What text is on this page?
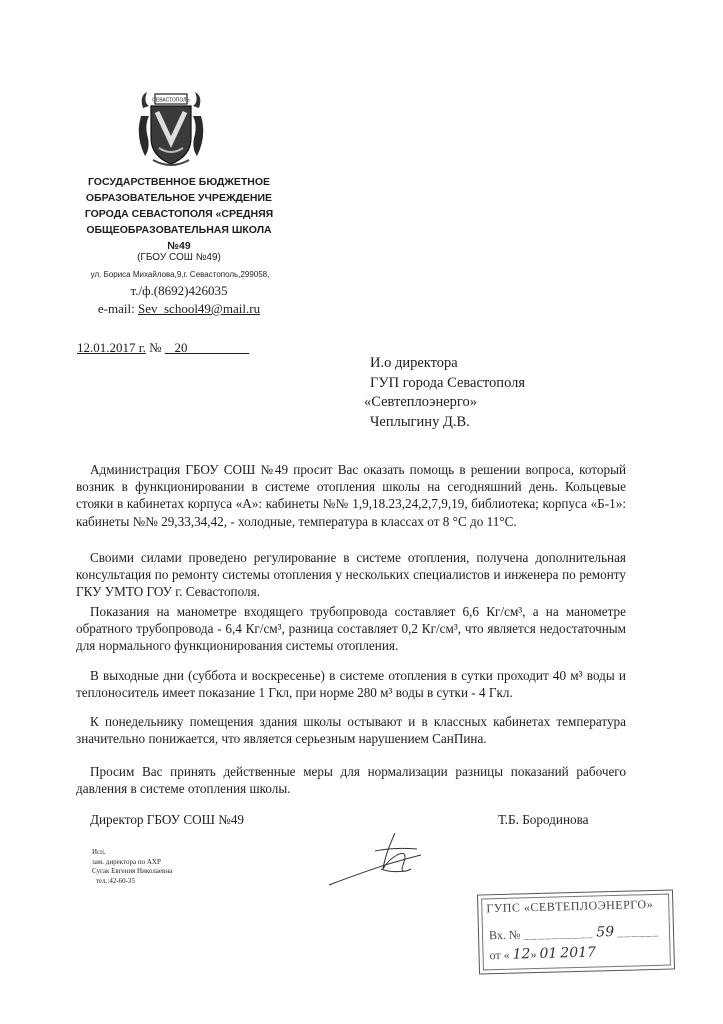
СЕВАСТОПОЛЬ
ГОСУДАРСТВЕННОЕ БЮДЖЕТНОЕ
ОБРАЗОВАТЕЛЬНОЕ УЧРЕЖДЕНИЕ
ГОРОДА СЕВАСТОПОЛЯ «СРЕДНЯЯ
ОБЩЕОБРАЗОВАТЕЛЬНАЯ ШКОЛА
№49
(ГБОУ СОШ №49)
ул. Бориса Михайлова,9,г. Севастополь,299058,
т./ф.(8692)426035
e-mail: Sev_school49@mail.ru
12.01.2017 г. № 20
И.о директора
ГУП города Севастополя
«Севтеплоэнерго»
Чеплыгину Д.В.
Администрация ГБОУ СОШ №49 просит Вас оказать помощь в решении вопроса, который возник в функционировании в системе отопления школы на сегодняшний день. Кольцевые стояки в кабинетах корпуса «А»: кабинеты №№ 1,9,18.23,24,2,7,9,19, библиотека; корпуса «Б-1»: кабинеты №№ 29,33,34,42, - холодные, температура в классах от 8 °С до 11°С.
Своими силами проведено регулирование в системе отопления, получена дополнительная консультация по ремонту системы отопления у нескольких специалистов и инженера по ремонту ГКУ УМТО ГОУ г. Севастополя.
Показания на манометре входящего трубопровода составляет 6,6 Кг/см³, а на манометре обратного трубопровода - 6,4 Кг/см³, разница составляет 0,2 Кг/см³, что является недостаточным для нормального функционирования системы отопления.
В выходные дни (суббота и воскресенье) в системе отопления в сутки проходит 40 м³ воды и теплоноситель имеет показание 1 Гкл, при норме 280 м³ воды в сутки - 4 Гкл.
К понедельнику помещения здания школы остывают и в классных кабинетах температура значительно понижается, что является серьезным нарушением СанПина.
Просим Вас принять действенные меры для нормализации разницы показаний рабочего давления в системе отопления школы.
Директор ГБОУ СОШ №49	Т.Б. Бородинова
Исп.
зам. директора по АХР
Сугак Евгения Николаевна
тел.:42-60-35
ГУПС «СЕВТЕПЛОЭНЕРГО»
Вх. № __________ 59 ______
от « 12» 01 2017
